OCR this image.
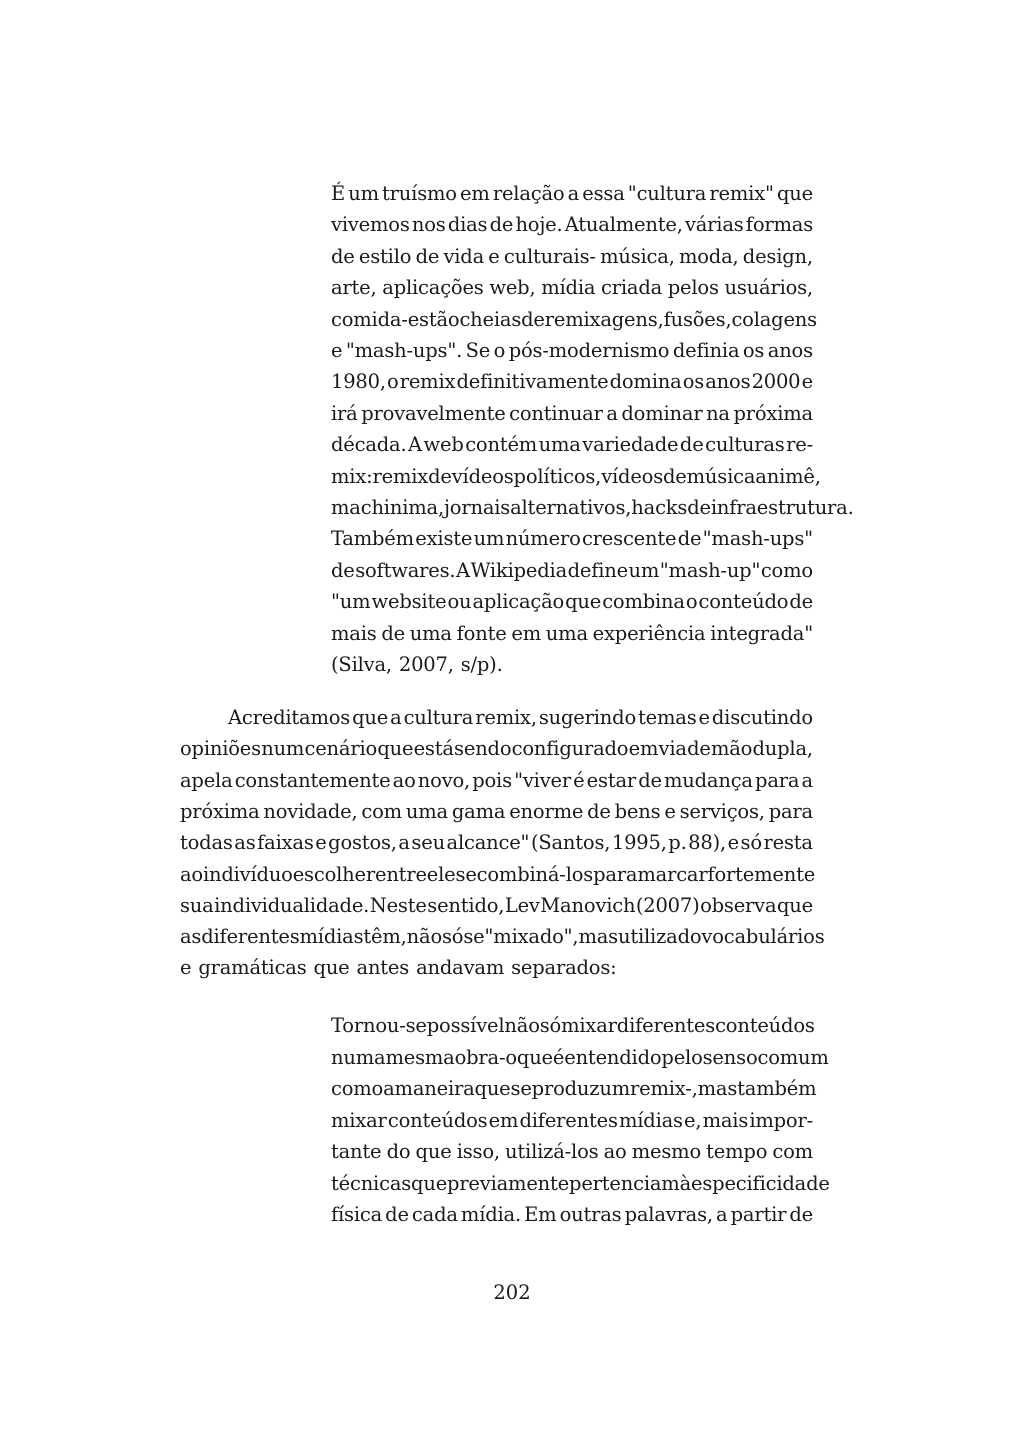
É um truísmo em relação a essa "cultura remix" que
vivemos nos dias de hoje. Atualmente, várias formas
de estilo de vida e culturais- música, moda, design,
arte, aplicações web, mídia criada pelos usuários,
comida - estão cheias de remixagens, fusões, colagens
e "mash-ups". Se o pós-modernismo definia os anos
1980, o remix definitivamente domina os anos 2000 e
irá provavelmente continuar a dominar na próxima
década. A web contém uma variedade de culturas re-
mix: remix de vídeos políticos, vídeos de música animê,
machinima, jornais alternativos, hacks de infraestrutura.
Também existe um número crescente de "mash-ups"
de softwares. A Wikipedia define um "mash-up" como
"um website ou aplicação que combina o conteúdo de
mais de uma fonte em uma experiência integrada"
(Silva, 2007, s/p).
Acreditamos que a cultura remix, sugerindo temas e discutindo
opiniões num cenário que está sendo configurado em via de mão dupla,
apela constantemente ao novo, pois "viver é estar de mudança para a
próxima novidade, com uma gama enorme de bens e serviços, para
todas as faixas e gostos, a seu alcance" (Santos, 1995, p. 88), e só resta
ao indivíduo escolher entre eles e combiná-los para marcar fortemente
sua individualidade. Neste sentido, Lev Manovich (2007) observa que
as diferentes mídias têm, não só se "mixado", mas utilizado vocabulários
e gramáticas que antes andavam separados:
Tornou-se possível não só mixar diferentes conteúdos
numa mesma obra -o que é entendido pelo senso comum
como a maneira que se produz um remix-, mas também
mixar conteúdos em diferentes mídias e, mais impor-
tante do que isso, utilizá-los ao mesmo tempo com
técnicas que previamente pertenciam à especificidade
física de cada mídia. Em outras palavras, a partir de
202
